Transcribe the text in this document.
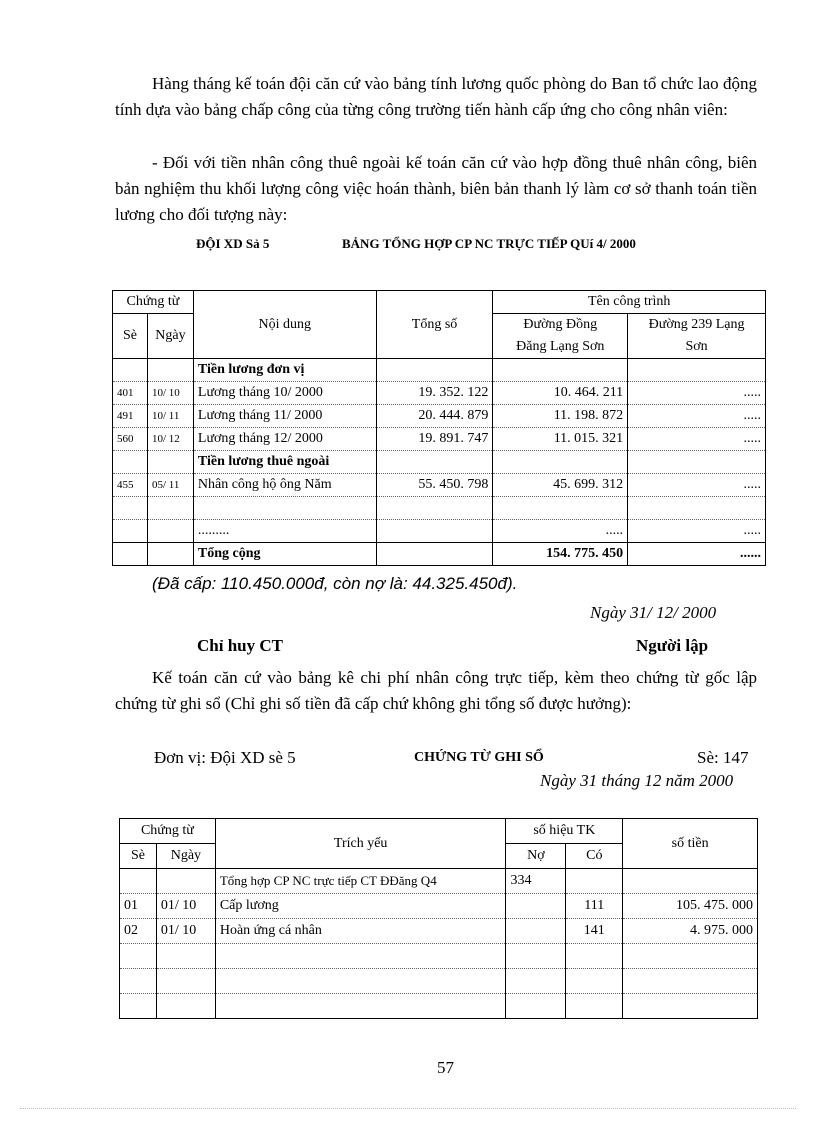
Hàng tháng kế toán đội căn cứ vào bảng tính lương quốc phòng do Ban tổ chức lao động tính dựa vào bảng chấp công của từng công trường tiến hành cấp ứng cho công nhân viên:
- Đối với tiền nhân công thuê ngoài kế toán căn cứ vào hợp đồng thuê nhân công, biên bản nghiệm thu khối lượng công việc hoán thành, biên bản thanh lý làm cơ sở thanh toán tiền lương cho đối tượng này:
ĐỘI XD Sả 5	BẢNG TỔNG HỢP CP NC TRỰC TIẾP QUí 4/ 2000
Chứng từ		Nội dung	Tổng số	Tên công trình	
Sè	Ngày			Đường Đồng	Đường 239 Lạng
				Đăng Lạng Sơn	Sơn
		Tiền lương đơn vị			
401	10/ 10	Lương tháng 10/ 2000	19. 352. 122	10. 464. 211	.....
491	10/ 11	Lương tháng 11/ 2000	20. 444. 879	11. 198. 872	.....
560	10/ 12	Lương tháng 12/ 2000	19. 891. 747	11. 015. 321	.....
		Tiền lương thuê ngoài			
455	05/ 11	Nhân công hộ ông Năm	55. 450. 798	45. 699. 312	.....

		.........		.....	.....
		Tổng cộng		154. 775. 450	......
(Đã cấp: 110.450.000đ, còn nợ là: 44.325.450đ).
Ngày 31/ 12/ 2000
Chỉ huy CT	Người lập
Kế toán căn cứ vào bảng kê chi phí nhân công trực tiếp, kèm theo chứng từ gốc lập chứng từ ghi sổ (Chỉ ghi số tiền đã cấp chứ không ghi tổng số được hưởng):
Đơn vị: Đội XD sè 5	CHỨNG TỪ GHI SỔ	Sè: 147
Ngày 31 tháng 12 năm 2000
Chứng từ		Trích yếu	số hiệu TK		số tiền
Sè	Ngày		Nợ	Có	
		Tổng hợp CP NC trực tiếp CT ĐĐăng Q4	334		
01	01/ 10	Cấp lương		111	105. 475. 000
02	01/ 10	Hoàn ứng cá nhân		141	4. 975. 000

57
